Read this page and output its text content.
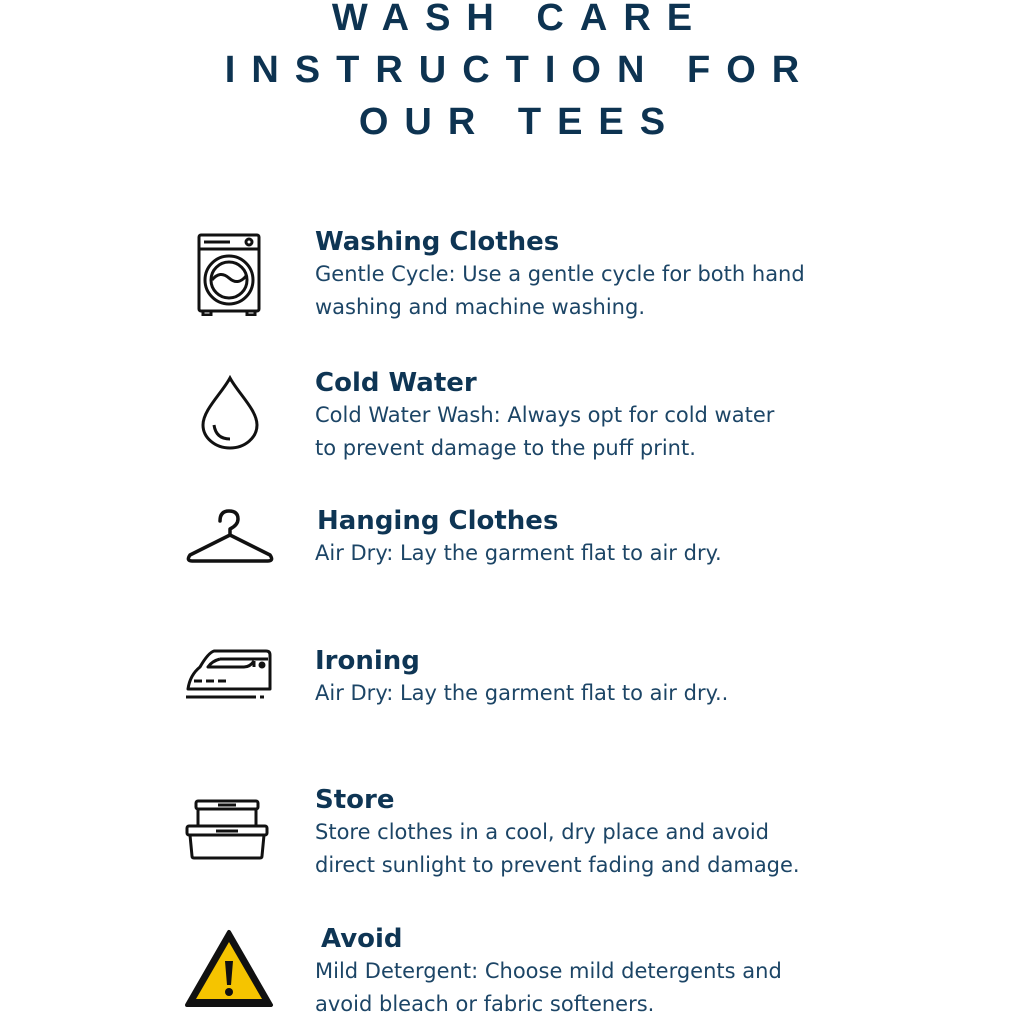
WASH CARE
INSTRUCTION FOR
OUR TEES
Washing Clothes
Gentle Cycle: Use a gentle cycle for both hand
washing and machine washing.
Cold Water
Cold Water Wash: Always opt for cold water
to prevent damage to the puff print.
Hanging Clothes
Air Dry: Lay the garment flat to air dry.
Ironing
Air Dry: Lay the garment flat to air dry..
Store
Store clothes in a cool, dry place and avoid
direct sunlight to prevent fading and damage.
Avoid
Mild Detergent: Choose mild detergents and
avoid bleach or fabric softeners.
